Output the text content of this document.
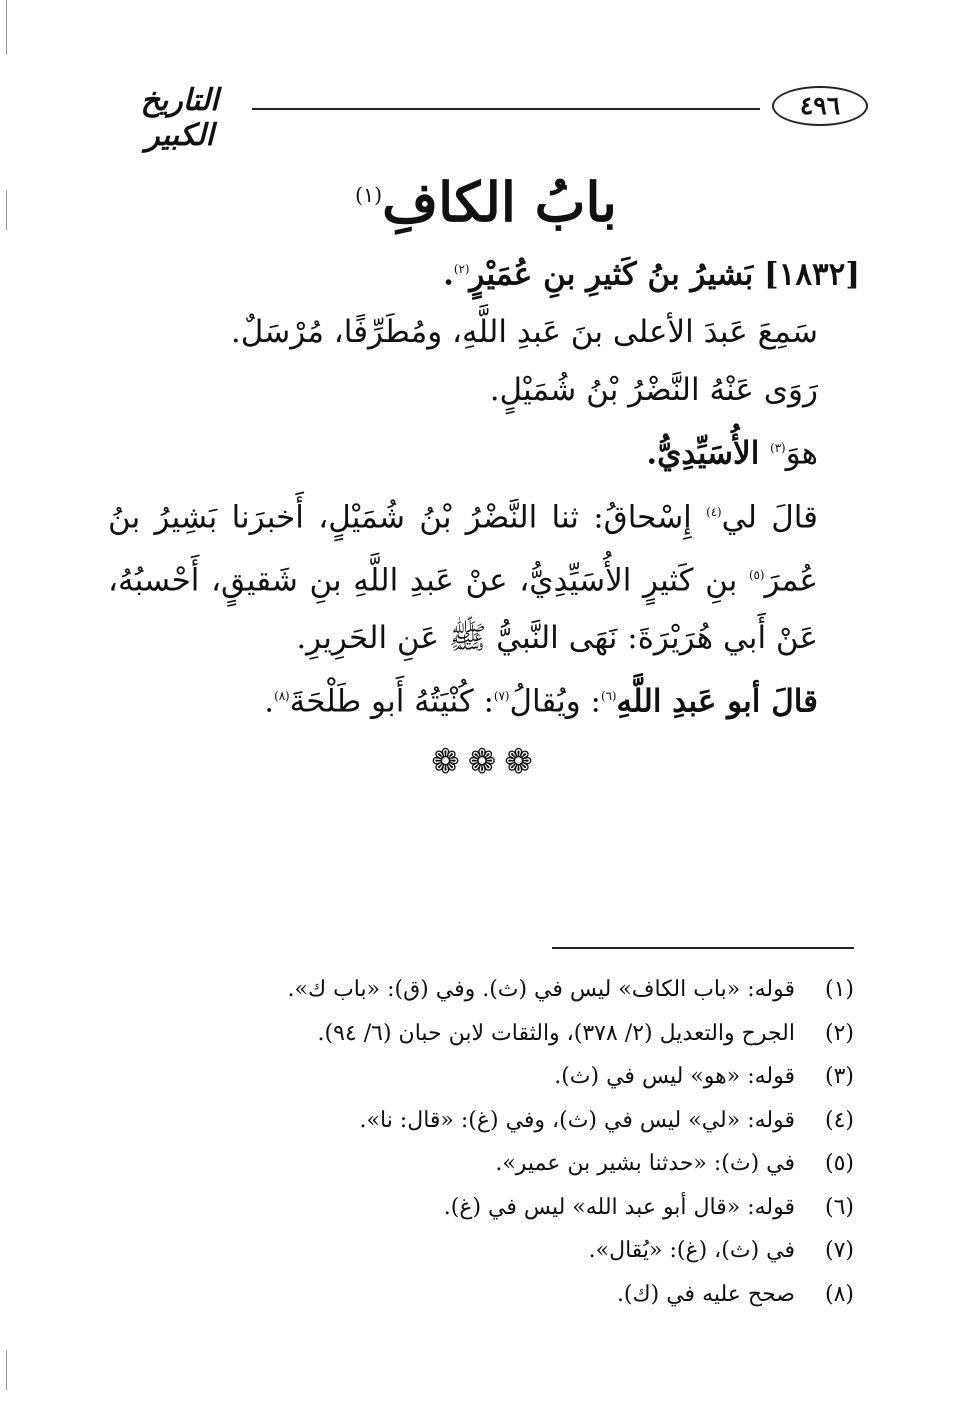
التاريخ الكبير
٤٩٦
بابُ الكافِ$^{(١)}$

[١٨٣٢] بَشيرُ بنُ كَثيرِ بنِ عُمَيْرٍ$^{(٢)}$.

سَمِعَ عَبدَ الأعلى بنَ عَبدِ اللَّهِ، ومُطَرِّفًا، مُرْسَلٌ.

رَوَى عَنْهُ النَّضْرُ بْنُ شُمَيْلٍ.

هوَ$^{(٣)}$ الأُسَيِّدِيُّ.

قالَ لي$^{(٤)}$ إِسْحاقُ: ثنا النَّضْرُ بْنُ شُمَيْلٍ، أَخبرَنا بَشِيرُ بنُ عُمرَ$^{(٥)}$ بنِ كَثيرٍ الأُسَيِّدِيُّ، عنْ عَبدِ اللَّهِ بنِ شَقيقٍ، أَحْسبُهُ، عَنْ أَبي هُرَيْرَةَ: نَهَى النَّبيُّ ﷺ عَنِ الحَرِيرِ.

قالَ أبو عَبدِ اللَّهِ$^{(٦)}$: ويُقالُ$^{(٧)}$: كُنْيَتُهُ أَبو طَلْحَةَ$^{(٨)}$.

❁❁❁
(١) قوله: «باب الكاف» ليس في (ث). وفي (ق): «باب ك».
(٢) الجرح والتعديل (٢/ ٣٧٨)، والثقات لابن حبان (٦/ ٩٤).
(٣) قوله: «هو» ليس في (ث).
(٤) قوله: «لي» ليس في (ث)، وفي (غ): «قال: نا».
(٥) في (ث): «حدثنا بشير بن عمير».
(٦) قوله: «قال أبو عبد الله» ليس في (غ).
(٧) في (ث)، (غ): «يُقال».
(٨) صحح عليه في (ك).
